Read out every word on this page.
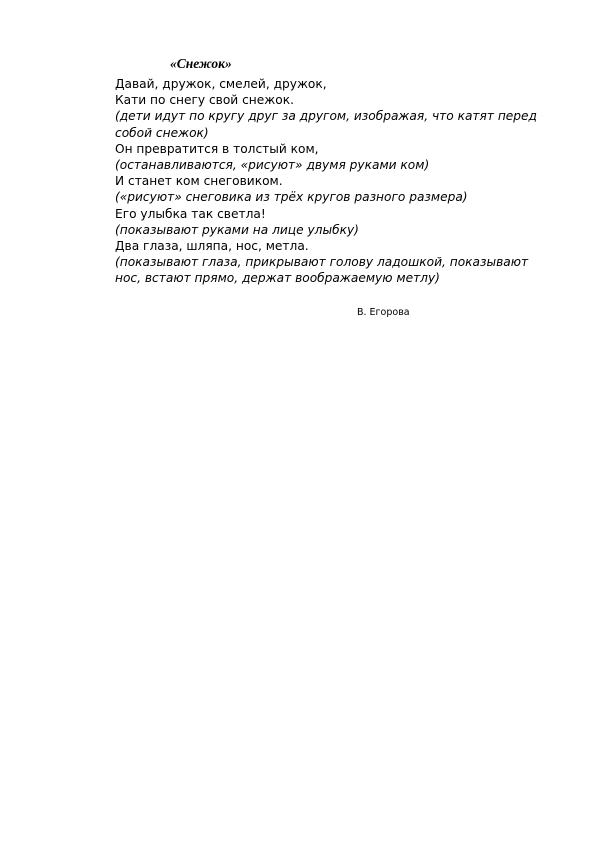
«Снежок»
Давай, дружок, смелей, дружок,
Кати по снегу свой снежок.
(дети идут по кругу друг за другом, изображая, что катят перед собой снежок)
Он превратится в толстый ком,
(останавливаются, «рисуют» двумя руками ком)
И станет ком снеговиком.
(«рисуют» снеговика из трёх кругов разного размера)
Его улыбка так светла!
(показывают руками на лице улыбку)
Два глаза, шляпа, нос, метла.
(показывают глаза, прикрывают голову ладошкой, показывают нос, встают прямо, держат воображаемую метлу)
В. Егорова
